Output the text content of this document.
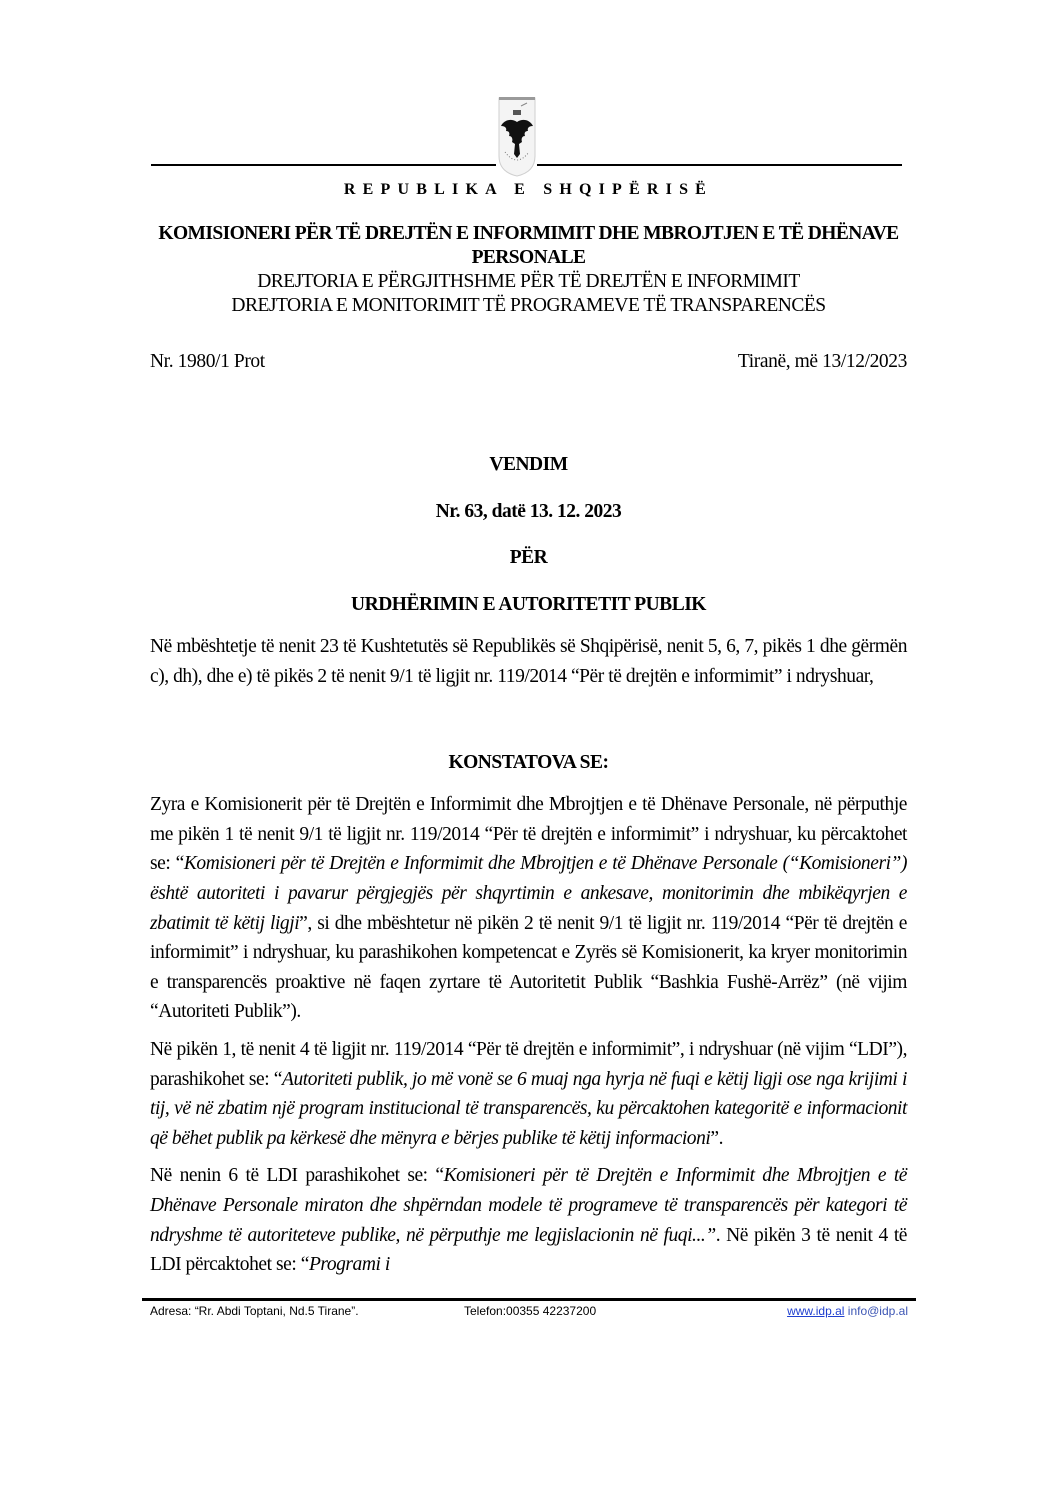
REPUBLIKA E SHQIPËRISË
KOMISIONERI PËR TË DREJTËN E INFORMIMIT DHE MBROJTJEN E TË DHËNAVE PERSONALE
DREJTORIA E PËRGJITHSHME PËR TË DREJTËN E INFORMIMIT
DREJTORIA E MONITORIMIT TË PROGRAMEVE TË TRANSPARENCËS
Nr. 1980/1 Prot	Tiranë, më 13/12/2023
VENDIM
Nr. 63, datë 13. 12. 2023
PËR
URDHËRIMIN E AUTORITETIT PUBLIK

Në mbështetje të nenit 23 të Kushtetutës së Republikës së Shqipërisë, nenit 5, 6, 7, pikës 1 dhe gërmën c), dh), dhe e) të pikës 2 të nenit 9/1 të ligjit nr. 119/2014 “Për të drejtën e informimit” i ndryshuar,

KONSTATOVA SE:

Zyra e Komisionerit për të Drejtën e Informimit dhe Mbrojtjen e të Dhënave Personale, në përputhje me pikën 1 të nenit 9/1 të ligjit nr. 119/2014 “Për të drejtën e informimit” i ndryshuar, ku përcaktohet se: “Komisioneri për të Drejtën e Informimit dhe Mbrojtjen e të Dhënave Personale (“Komisioneri”) është autoriteti i pavarur përgjegjës për shqyrtimin e ankesave, monitorimin dhe mbikëqyrjen e zbatimit të këtij ligji”, si dhe mbështetur në pikën 2 të nenit 9/1 të ligjit nr. 119/2014 “Për të drejtën e informimit” i ndryshuar, ku parashikohen kompetencat e Zyrës së Komisionerit, ka kryer monitorimin e transparencës proaktive në faqen zyrtare të Autoritetit Publik “Bashkia Fushë-Arrëz” (në vijim “Autoriteti Publik”).

Në pikën 1, të nenit 4 të ligjit nr. 119/2014 “Për të drejtën e informimit”, i ndryshuar (në vijim “LDI”), parashikohet se: “Autoriteti publik, jo më vonë se 6 muaj nga hyrja në fuqi e këtij ligji ose nga krijimi i tij, vë në zbatim një program institucional të transparencës, ku përcaktohen kategoritë e informacionit që bëhet publik pa kërkesë dhe mënyra e bërjes publike të këtij informacioni”.

Në nenin 6 të LDI parashikohet se: “Komisioneri për të Drejtën e Informimit dhe Mbrojtjen e të Dhënave Personale miraton dhe shpërndan modele të programeve të transparencës për kategori të ndryshme të autoriteteve publike, në përputhje me legjislacionin në fuqi...”. Në pikën 3 të nenit 4 të LDI përcaktohet se: “Programi i

Adresa: “Rr. Abdi Toptani, Nd.5 Tirane”.	Telefon:00355 42237200	www.idp.al info@idp.al
